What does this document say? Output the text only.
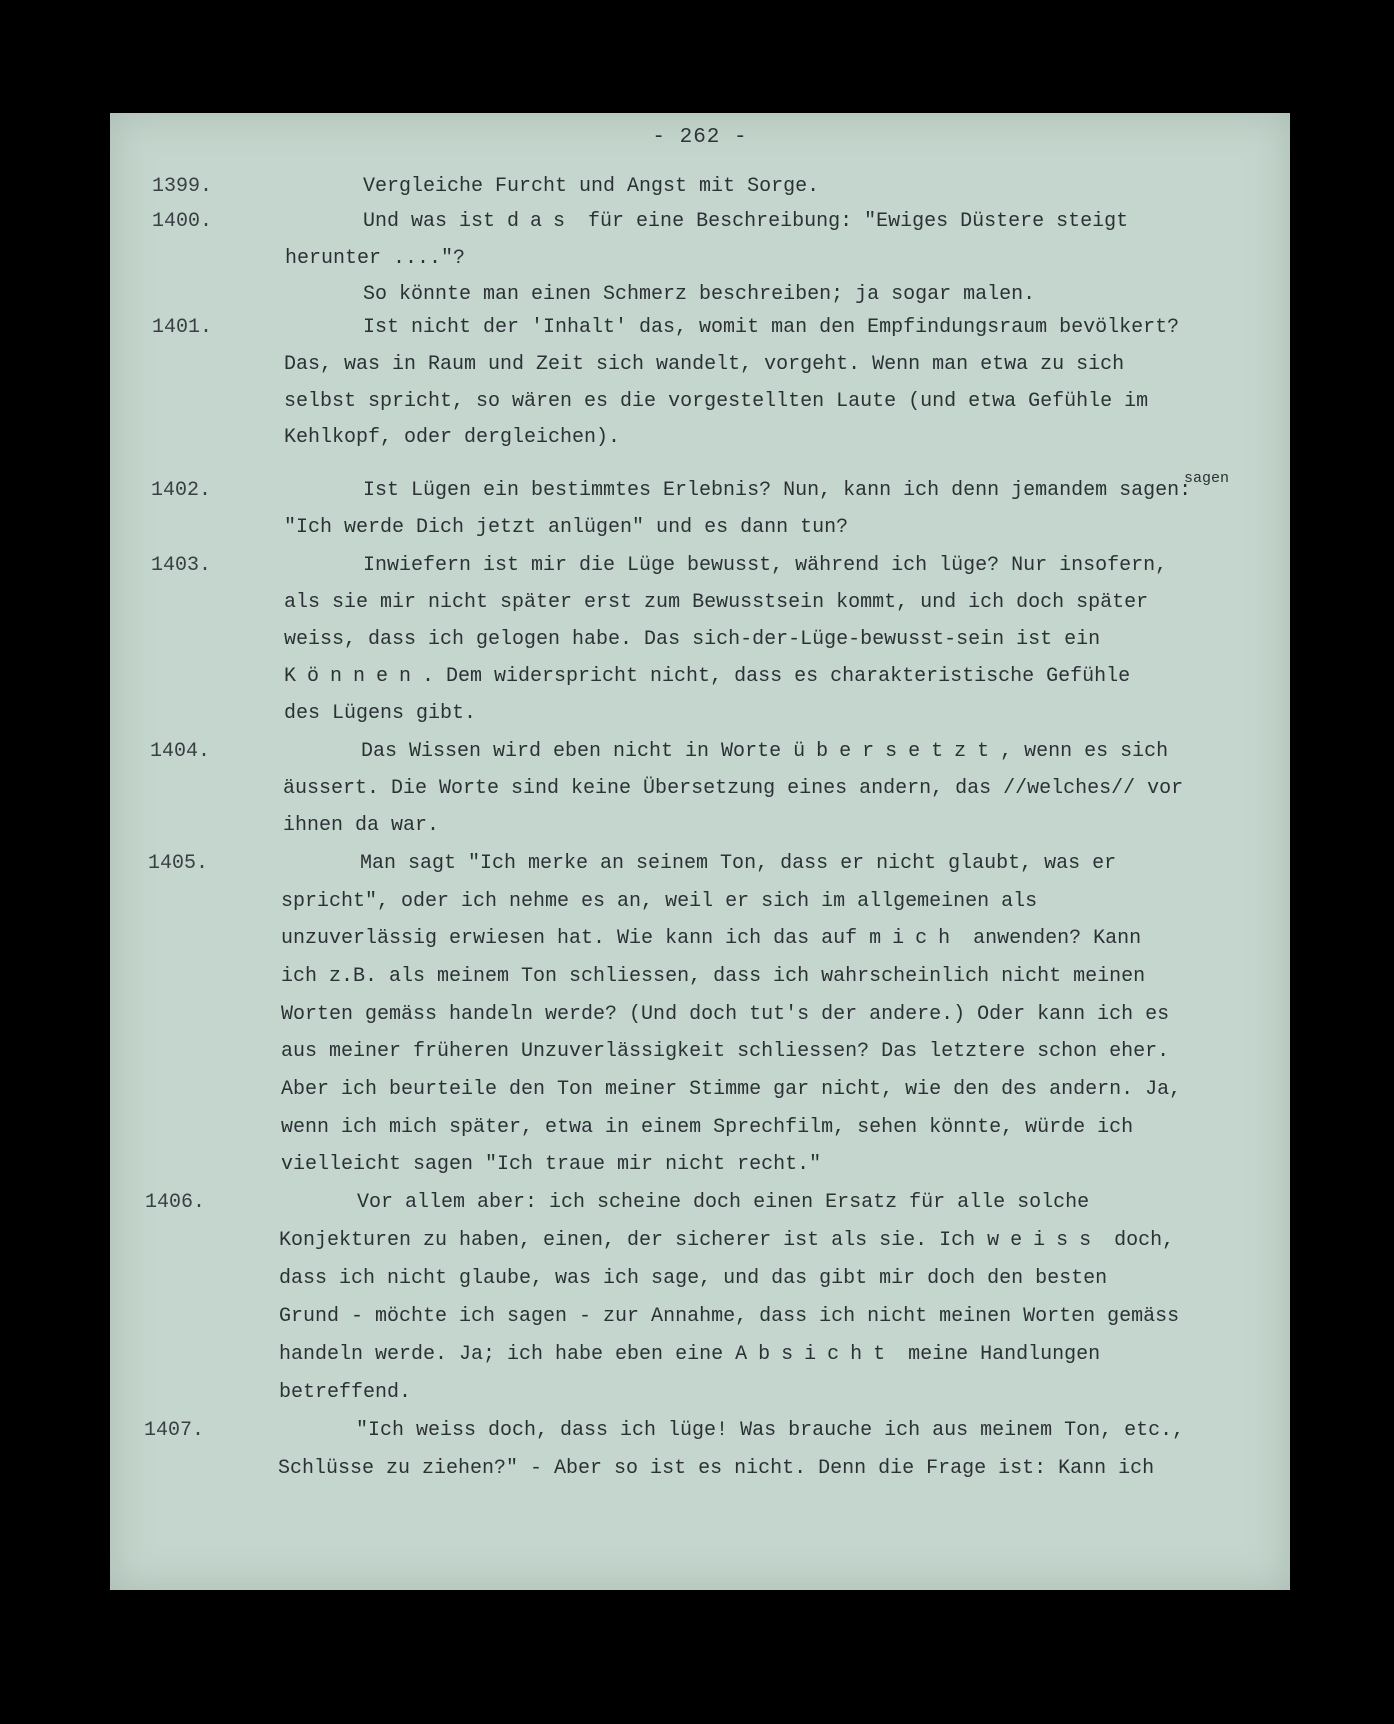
- 262 -
1399.	Vergleiche Furcht und Angst mit Sorge.
1400.	Und was ist das für eine Beschreibung: "Ewiges Düstere steigt
herunter ...."?
So könnte man einen Schmerz beschreiben; ja sogar malen.
1401.	Ist nicht der 'Inhalt' das, womit man den Empfindungsraum bevölkert?
Das, was in Raum und Zeit sich wandelt, vorgeht. Wenn man etwa zu sich
selbst spricht, so wären es die vorgestellten Laute (und etwa Gefühle im
Kehlkopf, oder dergleichen).
sagen
1402.	Ist Lügen ein bestimmtes Erlebnis? Nun, kann ich denn jemandem sagen:
"Ich werde Dich jetzt anlügen" und es dann tun?
1403.	Inwiefern ist mir die Lüge bewusst, während ich lüge? Nur insofern,
als sie mir nicht später erst zum Bewusstsein kommt, und ich doch später
weiss, dass ich gelogen habe. Das sich-der-Lüge-bewusst-sein ist ein
Können. Dem widerspricht nicht, dass es charakteristische Gefühle
des Lügens gibt.
1404.	Das Wissen wird eben nicht in Worte übersetzt, wenn es sich
äussert. Die Worte sind keine Übersetzung eines andern, das //welches// vor
ihnen da war.
1405.	Man sagt "Ich merke an seinem Ton, dass er nicht glaubt, was er
spricht", oder ich nehme es an, weil er sich im allgemeinen als
unzuverlässig erwiesen hat. Wie kann ich das auf mich anwenden? Kann
ich z.B. als meinem Ton schliessen, dass ich wahrscheinlich nicht meinen
Worten gemäss handeln werde? (Und doch tut's der andere.) Oder kann ich es
aus meiner früheren Unzuverlässigkeit schliessen? Das letztere schon eher.
Aber ich beurteile den Ton meiner Stimme gar nicht, wie den des andern. Ja,
wenn ich mich später, etwa in einem Sprechfilm, sehen könnte, würde ich
vielleicht sagen "Ich traue mir nicht recht."
1406.	Vor allem aber: ich scheine doch einen Ersatz für alle solche
Konjekturen zu haben, einen, der sicherer ist als sie. Ich weiss doch,
dass ich nicht glaube, was ich sage, und das gibt mir doch den besten
Grund - möchte ich sagen - zur Annahme, dass ich nicht meinen Worten gemäss
handeln werde. Ja; ich habe eben eine Absicht meine Handlungen
betreffend.
1407.	"Ich weiss doch, dass ich lüge! Was brauche ich aus meinem Ton, etc.,
Schlüsse zu ziehen?" - Aber so ist es nicht. Denn die Frage ist: Kann ich
